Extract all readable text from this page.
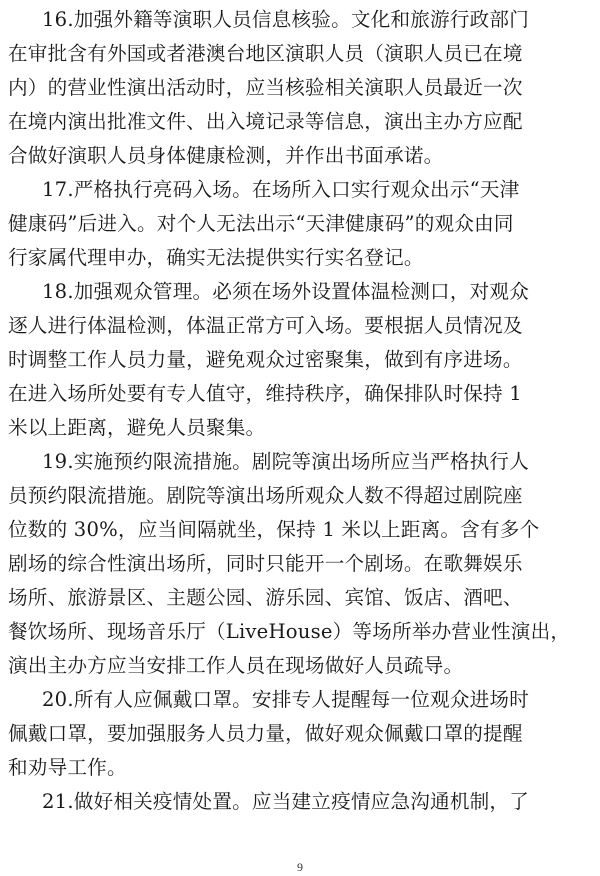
16.加强外籍等演职人员信息核验。文化和旅游行政部门
在审批含有外国或者港澳台地区演职人员（演职人员已在境
内）的营业性演出活动时，应当核验相关演职人员最近一次
在境内演出批准文件、出入境记录等信息，演出主办方应配
合做好演职人员身体健康检测，并作出书面承诺。
17.严格执行亮码入场。在场所入口实行观众出示“天津
健康码”后进入。对个人无法出示“天津健康码”的观众由同
行家属代理申办，确实无法提供实行实名登记。
18.加强观众管理。必须在场外设置体温检测口，对观众
逐人进行体温检测，体温正常方可入场。要根据人员情况及
时调整工作人员力量，避免观众过密聚集，做到有序进场。
在进入场所处要有专人值守，维持秩序，确保排队时保持 1
米以上距离，避免人员聚集。
19.实施预约限流措施。剧院等演出场所应当严格执行人
员预约限流措施。剧院等演出场所观众人数不得超过剧院座
位数的 30%，应当间隔就坐，保持 1 米以上距离。含有多个
剧场的综合性演出场所，同时只能开一个剧场。在歌舞娱乐
场所、旅游景区、主题公园、游乐园、宾馆、饭店、酒吧、
餐饮场所、现场音乐厅（LiveHouse）等场所举办营业性演出，
演出主办方应当安排工作人员在现场做好人员疏导。
20.所有人应佩戴口罩。安排专人提醒每一位观众进场时
佩戴口罩，要加强服务人员力量，做好观众佩戴口罩的提醒
和劝导工作。
21.做好相关疫情处置。应当建立疫情应急沟通机制，了
9
